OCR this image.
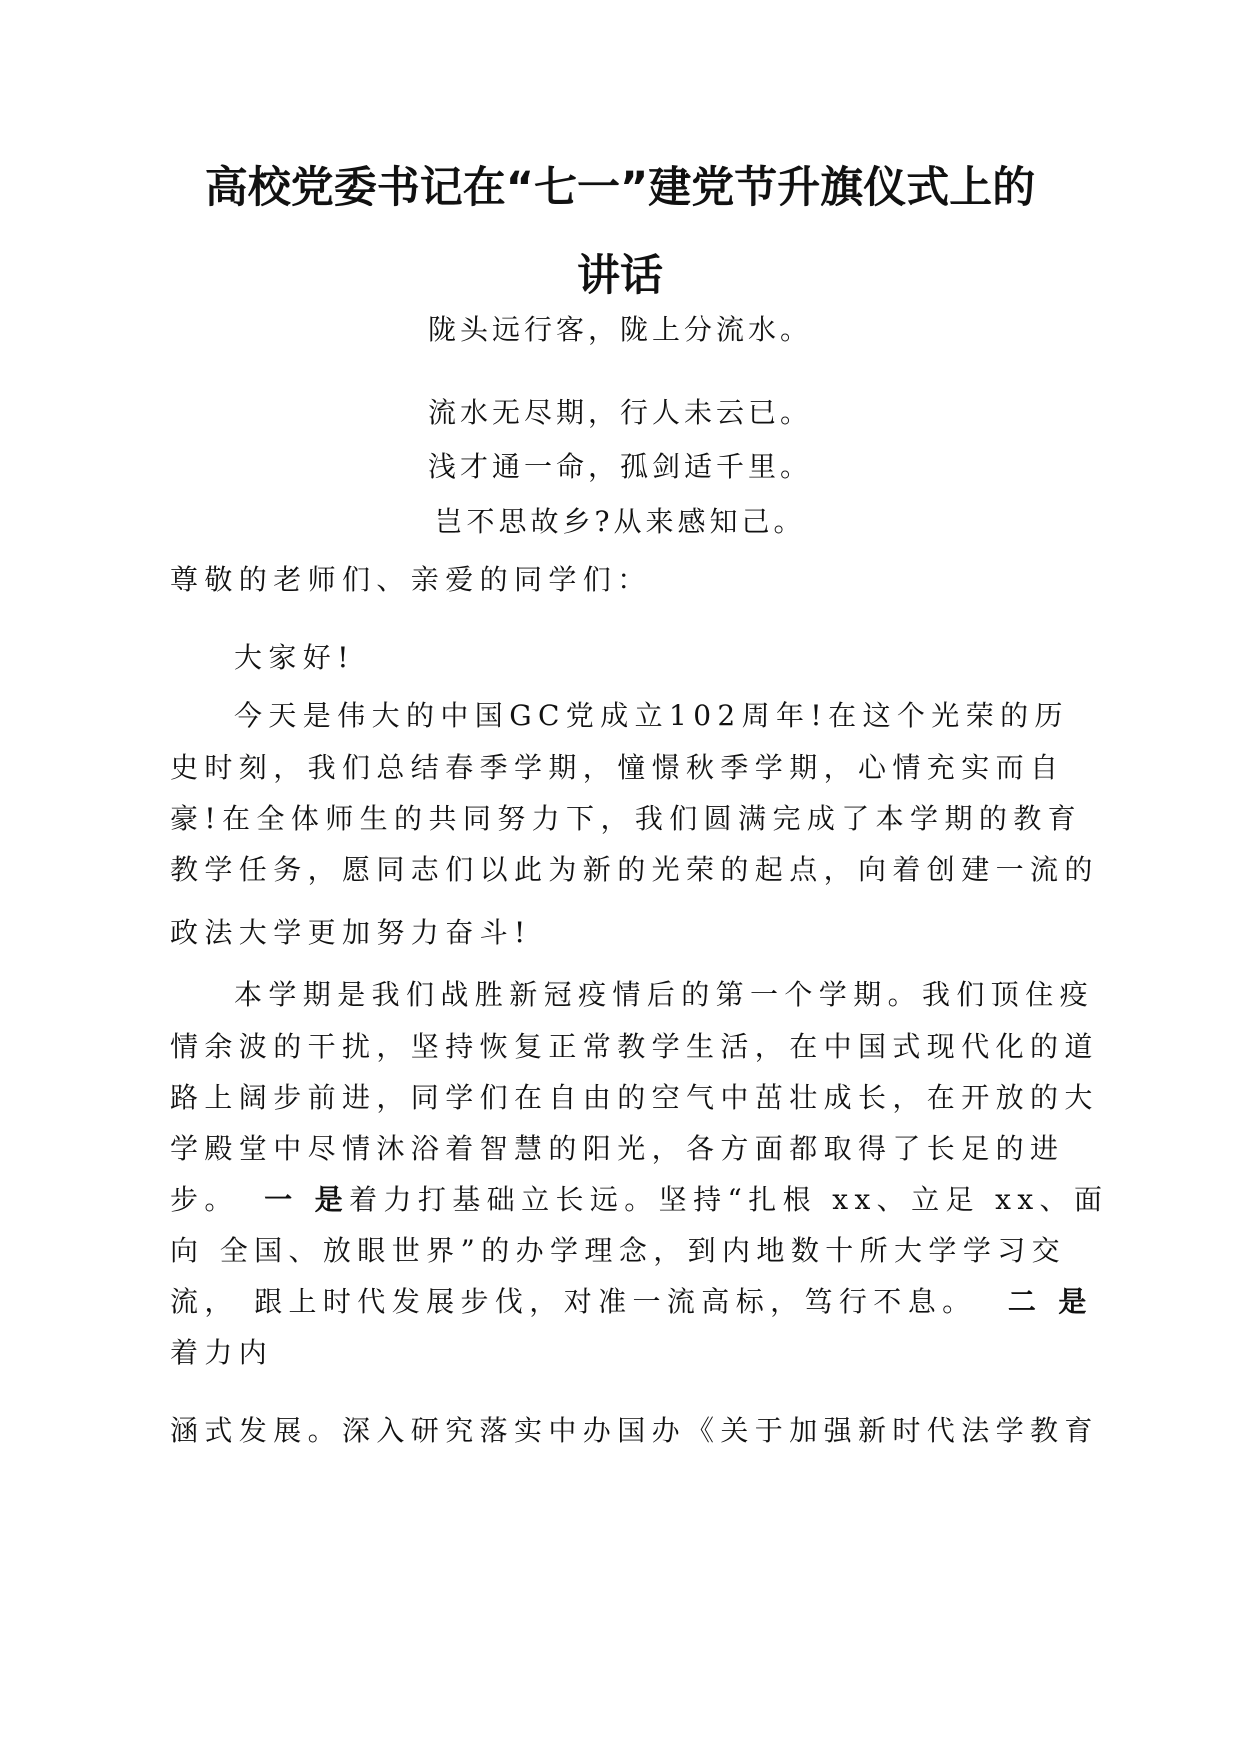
高校党委书记在“七一”建党节升旗仪式上的
讲话

陇头远行客，陇上分流水。

流水无尽期，行人未云已。

浅才通一命，孤剑适千里。

岂不思故乡?从来感知己。

尊敬的老师们、亲爱的同学们：

大家好!

今天是伟大的中国GC党成立102周年!在这个光荣的历

史时刻，我们总结春季学期，憧憬秋季学期，心情充实而自

豪!在全体师生的共同努力下，我们圆满完成了本学期的教育

教学任务，愿同志们以此为新的光荣的起点，向着创建一流的

政法大学更加努力奋斗!

本学期是我们战胜新冠疫情后的第一个学期。我们顶住疫

情余波的干扰，坚持恢复正常教学生活，在中国式现代化的道

路上阔步前进，同学们在自由的空气中茁壮成长，在开放的大

学殿堂中尽情沐浴着智慧的阳光，各方面都取得了长足的进

步。 一 是着力打基础立长远。坚持“扎根 xx、立足 xx、面

向 全国、放眼世界”的办学理念，到内地数十所大学学习交

流， 跟上时代发展步伐，对准一流高标，笃行不息。 二 是

着力内

涵式发展。深入研究落实中办国办《关于加强新时代法学教育
